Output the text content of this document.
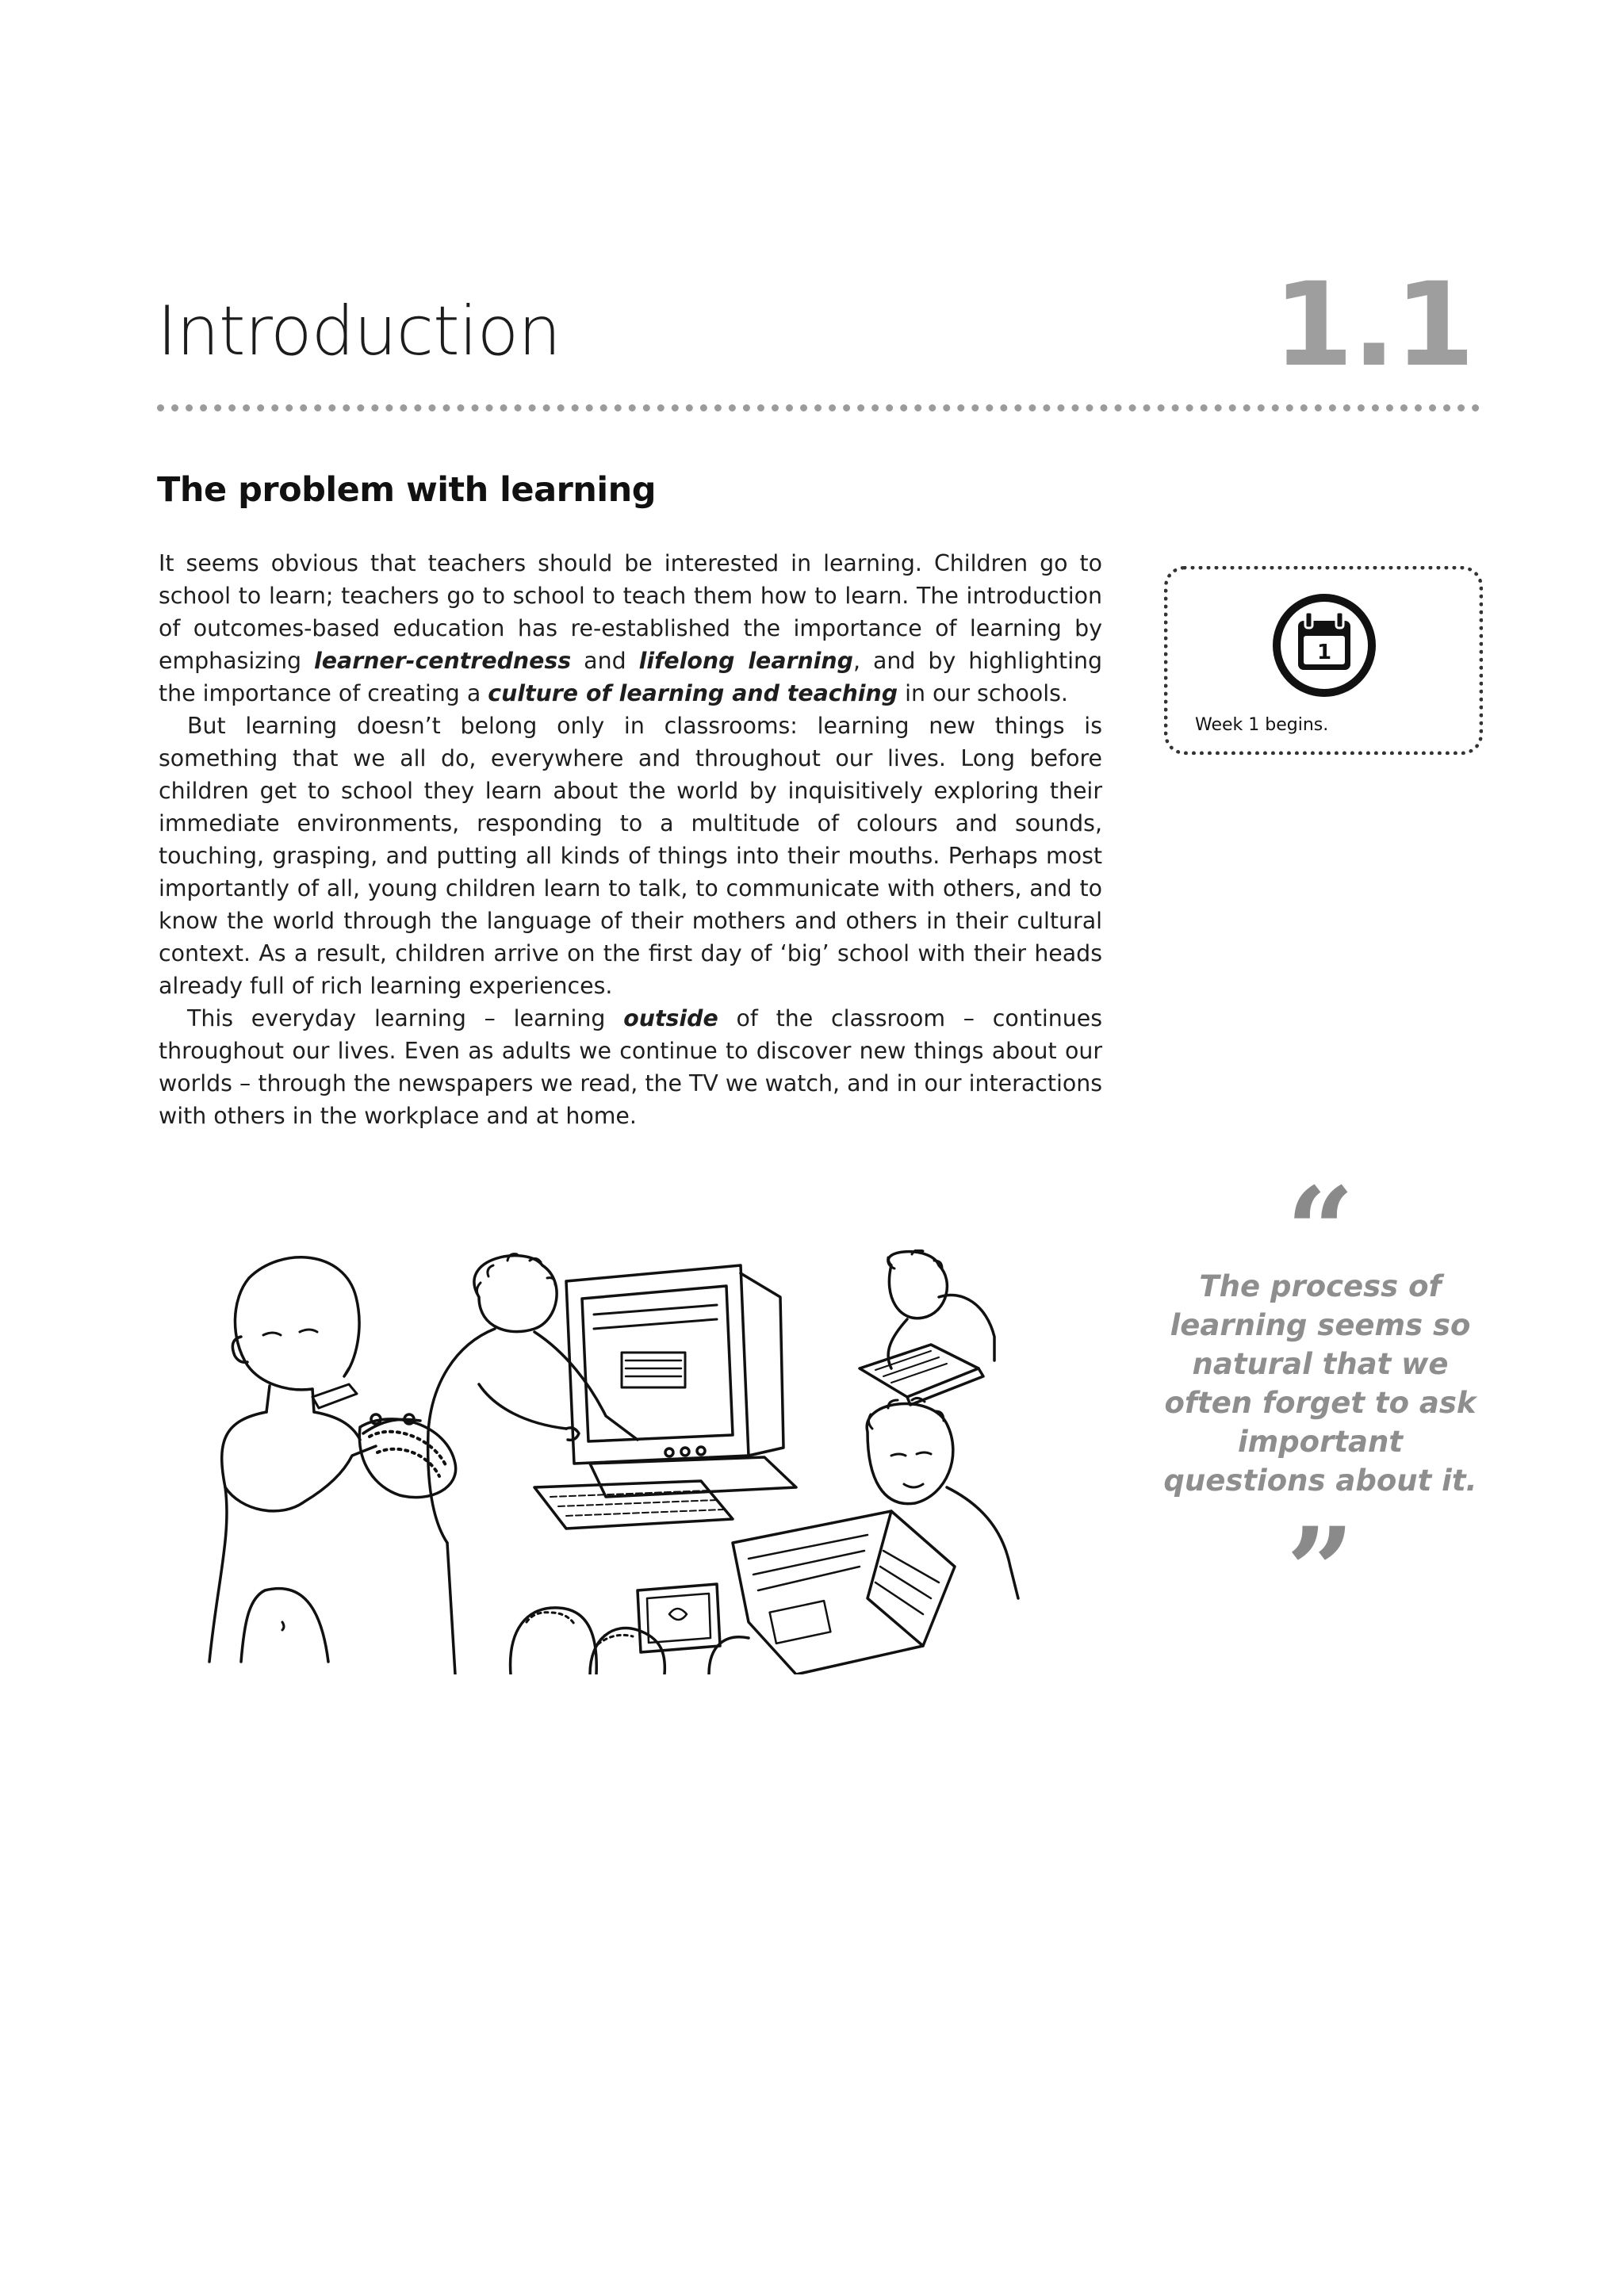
Introduction	1.1
The problem with learning

It seems obvious that teachers should be interested in learning. Children go to school to learn; teachers go to school to teach them how to learn. The introduction of outcomes-based education has re-established the importance of learning by emphasizing learner-centredness and lifelong learning, and by highlighting the importance of creating a culture of learning and teaching in our schools.

But learning doesn’t belong only in classrooms: learning new things is something that we all do, everywhere and throughout our lives. Long before children get to school they learn about the world by inquisitively exploring their immediate environments, responding to a multitude of colours and sounds, touching, grasping, and putting all kinds of things into their mouths. Perhaps most importantly of all, young children learn to talk, to communicate with others, and to know the world through the language of their mothers and others in their cultural context. As a result, children arrive on the first day of ‘big’ school with their heads already full of rich learning experiences.

This everyday learning – learning outside of the classroom – continues throughout our lives. Even as adults we continue to discover new things about our worlds – through the newspapers we read, the TV we watch, and in our interactions with others in the workplace and at home.

1
Week 1 begins.
“

The process of learning seems so natural that we often forget to ask important questions about it.

”
